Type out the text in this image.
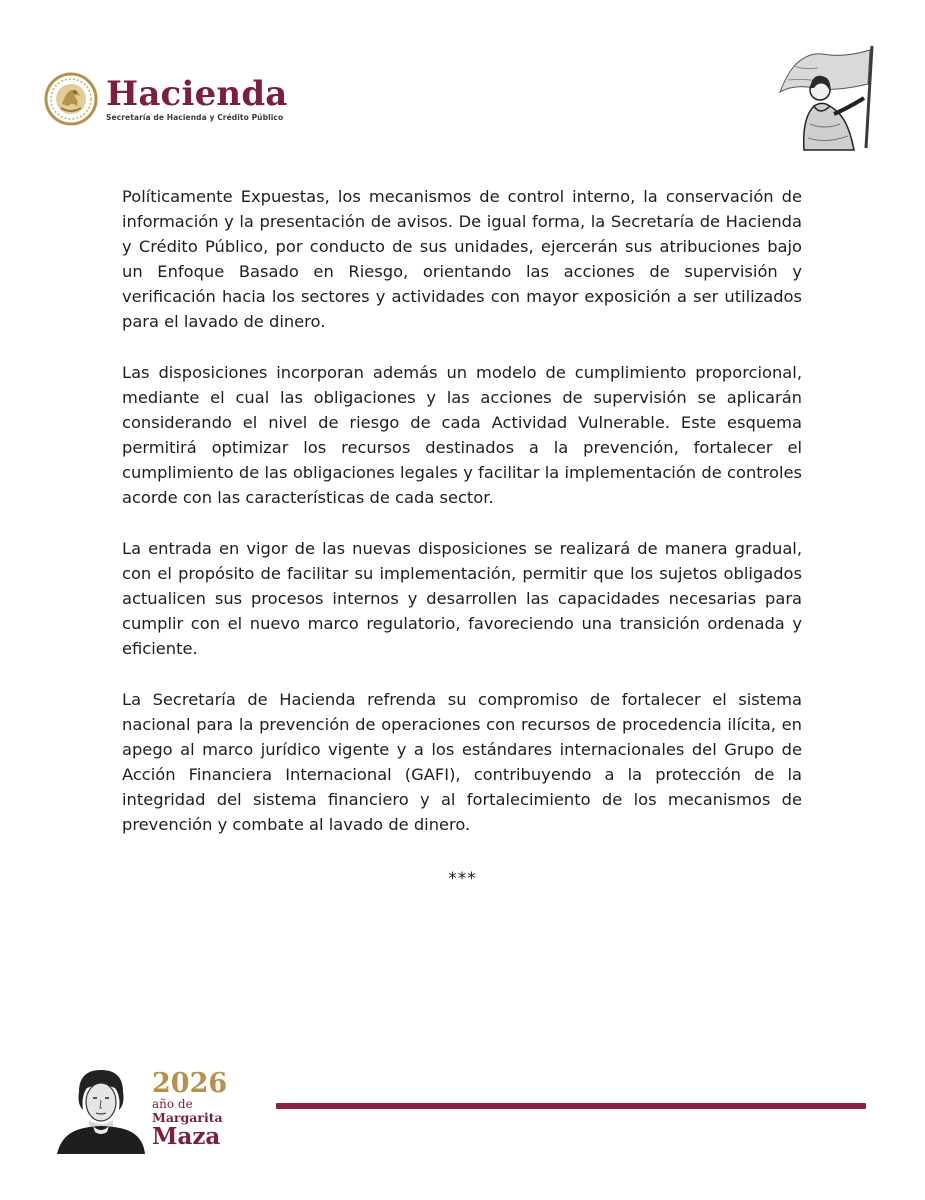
Hacienda
Secretaría de Hacienda y Crédito Público

Políticamente Expuestas, los mecanismos de control interno, la conservación de información y la presentación de avisos. De igual forma, la Secretaría de Hacienda y Crédito Público, por conducto de sus unidades, ejercerán sus atribuciones bajo un Enfoque Basado en Riesgo, orientando las acciones de supervisión y verificación hacia los sectores y actividades con mayor exposición a ser utilizados para el lavado de dinero.

Las disposiciones incorporan además un modelo de cumplimiento proporcional, mediante el cual las obligaciones y las acciones de supervisión se aplicarán considerando el nivel de riesgo de cada Actividad Vulnerable. Este esquema permitirá optimizar los recursos destinados a la prevención, fortalecer el cumplimiento de las obligaciones legales y facilitar la implementación de controles acorde con las características de cada sector.

La entrada en vigor de las nuevas disposiciones se realizará de manera gradual, con el propósito de facilitar su implementación, permitir que los sujetos obligados actualicen sus procesos internos y desarrollen las capacidades necesarias para cumplir con el nuevo marco regulatorio, favoreciendo una transición ordenada y eficiente.

La Secretaría de Hacienda refrenda su compromiso de fortalecer el sistema nacional para la prevención de operaciones con recursos de procedencia ilícita, en apego al marco jurídico vigente y a los estándares internacionales del Grupo de Acción Financiera Internacional (GAFI), contribuyendo a la protección de la integridad del sistema financiero y al fortalecimiento de los mecanismos de prevención y combate al lavado de dinero.

***
2026
año de
Margarita
Maza
